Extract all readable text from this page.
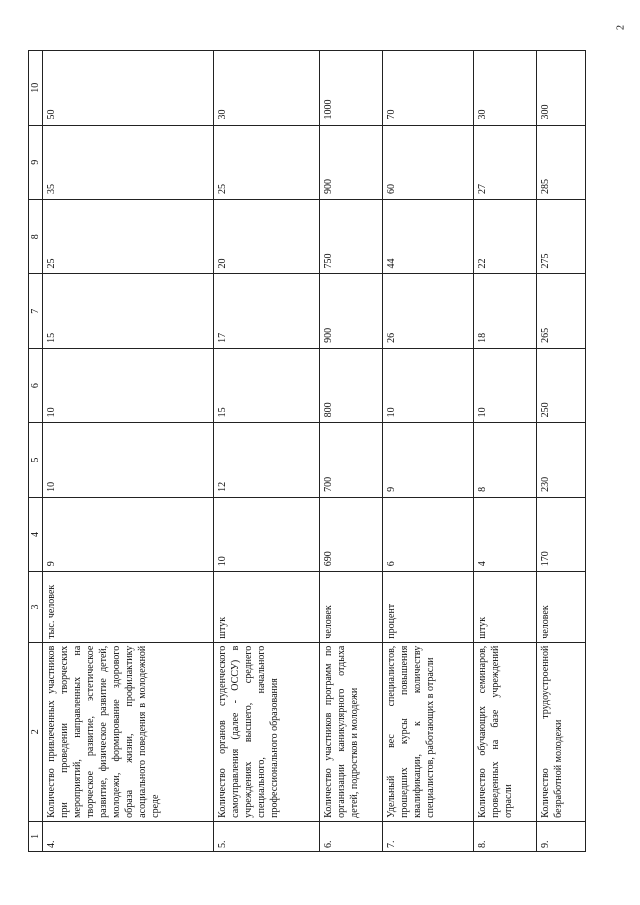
2
1	2	3	4	5	6	7	8	9	10
4.	Количество привлеченных участников при проведении творческих мероприятий, направленных на творческое развитие, эстетическое развитие, физическое развитие детей, молодежи, формирование здорового образа жизни, профилактику асоциального поведения в молодежной среде	тыс. человек	9	10	10	15	25	35	50
5.	Количество органов студенческого самоуправления (далее - ОССУ) в учреждениях высшего, среднего специального, начального профессионального образования	штук	10	12	15	17	20	25	30
6.	Количество участников программ по организации каникулярного отдыха детей, подростков и молодежи	человек	690	700	800	900	750	900	1000
7.	Удельный вес специалистов, прошедших курсы повышения квалификации, к количеству специалистов, работающих в отрасли	процент	6	9	10	26	44	60	70
8.	Количество обучающих семинаров, проведенных на базе учреждений отрасли	штук	4	8	10	18	22	27	30
9.	Количество трудоустроенной безработной молодежи	человек	170	230	250	265	275	285	300
